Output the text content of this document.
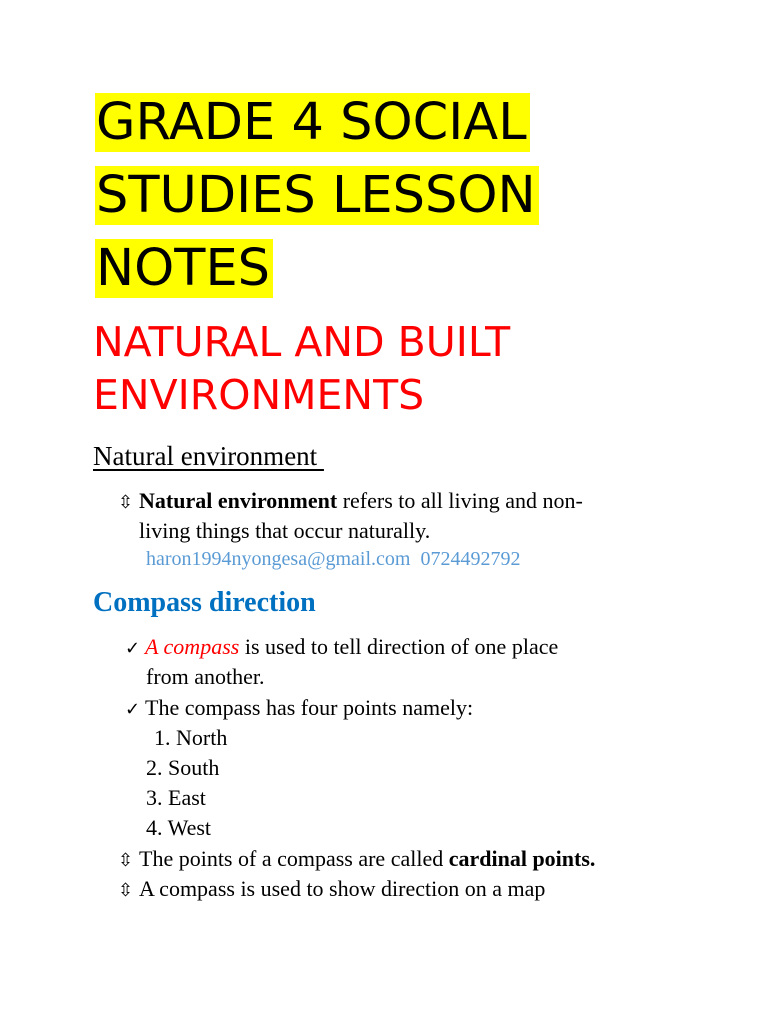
GRADE 4 SOCIAL
STUDIES LESSON
NOTES
NATURAL AND BUILT
ENVIRONMENTS
Natural environment
⇳ Natural environment refers to all living and non-
living things that occur naturally.
haron1994nyongesa@gmail.com  0724492792
Compass direction
✓ A compass is used to tell direction of one place
from another.
✓ The compass has four points namely:
1. North
2. South
3. East
4. West
⇳ The points of a compass are called cardinal points.
⇳ A compass is used to show direction on a map
